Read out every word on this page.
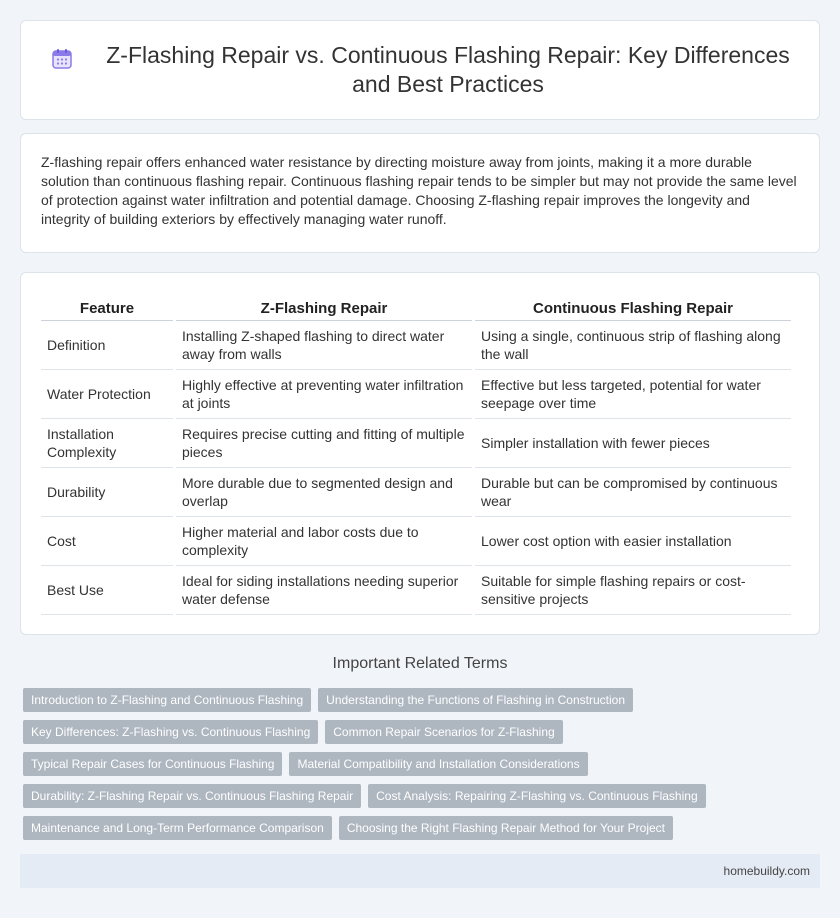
Z-Flashing Repair vs. Continuous Flashing Repair: Key Differences and Best Practices

Z-flashing repair offers enhanced water resistance by directing moisture away from joints, making it a more durable solution than continuous flashing repair. Continuous flashing repair tends to be simpler but may not provide the same level of protection against water infiltration and potential damage. Choosing Z-flashing repair improves the longevity and integrity of building exteriors by effectively managing water runoff.

Feature	Z-Flashing Repair	Continuous Flashing Repair
Definition	Installing Z-shaped flashing to direct water away from walls	Using a single, continuous strip of flashing along the wall
Water Protection	Highly effective at preventing water infiltration at joints	Effective but less targeted, potential for water seepage over time
Installation Complexity	Requires precise cutting and fitting of multiple pieces	Simpler installation with fewer pieces
Durability	More durable due to segmented design and overlap	Durable but can be compromised by continuous wear
Cost	Higher material and labor costs due to complexity	Lower cost option with easier installation
Best Use	Ideal for siding installations needing superior water defense	Suitable for simple flashing repairs or cost-sensitive projects
Important Related Terms
Introduction to Z-Flashing and Continuous Flashing	Understanding the Functions of Flashing in Construction
Key Differences: Z-Flashing vs. Continuous Flashing	Common Repair Scenarios for Z-Flashing
Typical Repair Cases for Continuous Flashing	Material Compatibility and Installation Considerations
Durability: Z-Flashing Repair vs. Continuous Flashing Repair	Cost Analysis: Repairing Z-Flashing vs. Continuous Flashing
Maintenance and Long-Term Performance Comparison	Choosing the Right Flashing Repair Method for Your Project
homebuildy.com
